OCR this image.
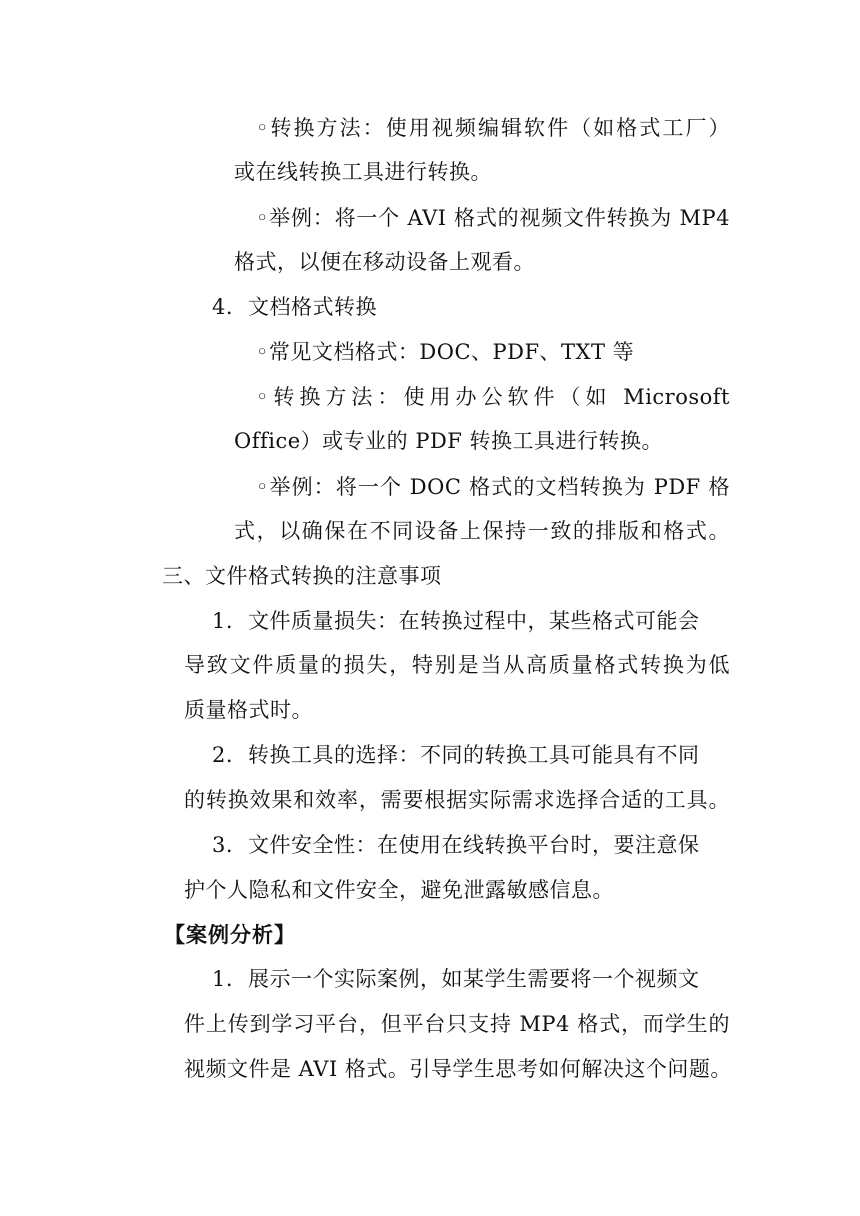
◦转换方法：使用视频编辑软件（如格式工厂）
或在线转换工具进行转换。
◦举例：将一个 AVI 格式的视频文件转换为 MP4
格式，以便在移动设备上观看。
4. 文档格式转换
◦常见文档格式：DOC、PDF、TXT 等
◦转换方法：使用办公软件（如 Microsoft
Office）或专业的 PDF 转换工具进行转换。
◦举例：将一个 DOC 格式的文档转换为 PDF 格
式，以确保在不同设备上保持一致的排版和格式。
三、文件格式转换的注意事项
1. 文件质量损失：在转换过程中，某些格式可能会
导致文件质量的损失，特别是当从高质量格式转换为低
质量格式时。
2. 转换工具的选择：不同的转换工具可能具有不同
的转换效果和效率，需要根据实际需求选择合适的工具。
3. 文件安全性：在使用在线转换平台时，要注意保
护个人隐私和文件安全，避免泄露敏感信息。
【案例分析】
1. 展示一个实际案例，如某学生需要将一个视频文
件上传到学习平台，但平台只支持 MP4 格式，而学生的
视频文件是 AVI 格式。引导学生思考如何解决这个问题。
